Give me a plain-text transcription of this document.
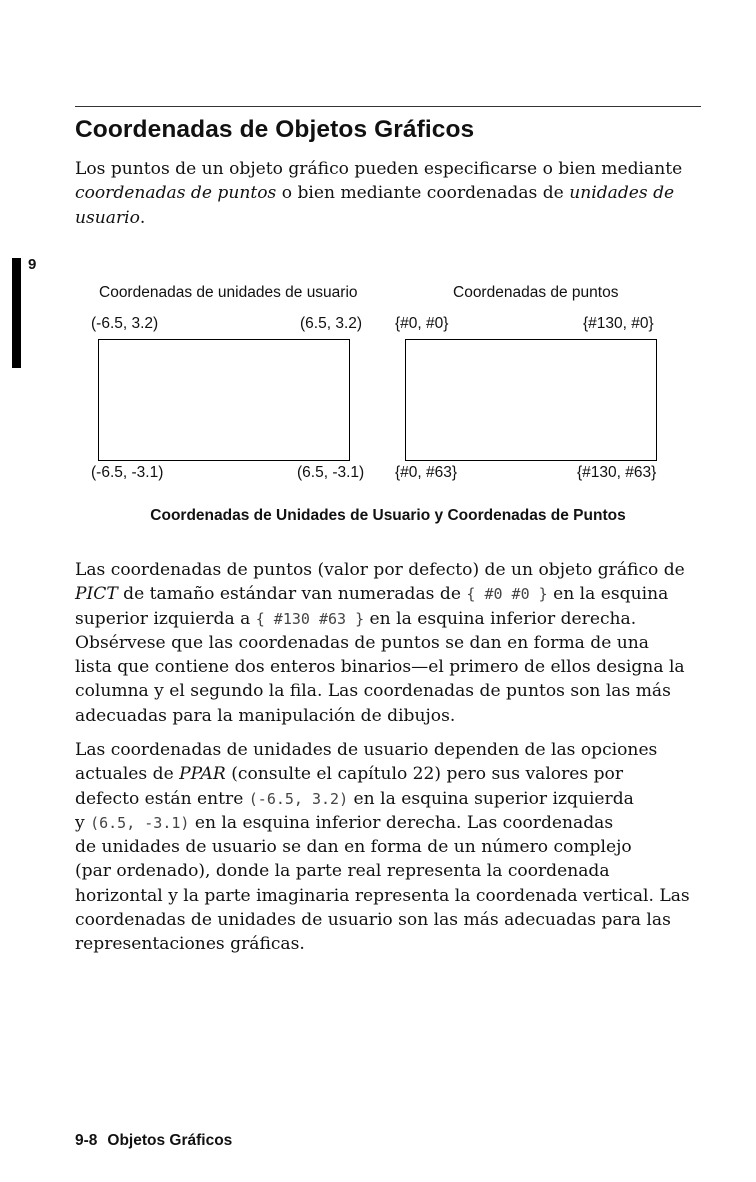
9
Coordenadas de Objetos Gráficos
Los puntos de un objeto gráfico pueden especificarse o bien mediante
coordenadas de puntos o bien mediante coordenadas de unidades de
usuario.
Coordenadas de unidades de usuario	Coordenadas de puntos
(-6.5, 3.2)	(6.5, 3.2) {#0, #0}	{#130, #0}
(-6.5, -3.1)	(6.5, -3.1) {#0, #63}	{#130, #63}
Coordenadas de Unidades de Usuario y Coordenadas de Puntos
Las coordenadas de puntos (valor por defecto) de un objeto gráfico de
PICT de tamaño estándar van numeradas de { #0 #0 } en la esquina
superior izquierda a { #130 #63 } en la esquina inferior derecha.
Obsérvese que las coordenadas de puntos se dan en forma de una
lista que contiene dos enteros binarios—el primero de ellos designa la
columna y el segundo la fila. Las coordenadas de puntos son las más
adecuadas para la manipulación de dibujos.
Las coordenadas de unidades de usuario dependen de las opciones
actuales de PPAR (consulte el capítulo 22) pero sus valores por
defecto están entre (-6.5, 3.2) en la esquina superior izquierda
y (6.5, -3.1) en la esquina inferior derecha. Las coordenadas
de unidades de usuario se dan en forma de un número complejo
(par ordenado), donde la parte real representa la coordenada
horizontal y la parte imaginaria representa la coordenada vertical. Las
coordenadas de unidades de usuario son las más adecuadas para las
representaciones gráficas.
9-8 Objetos Gráficos
